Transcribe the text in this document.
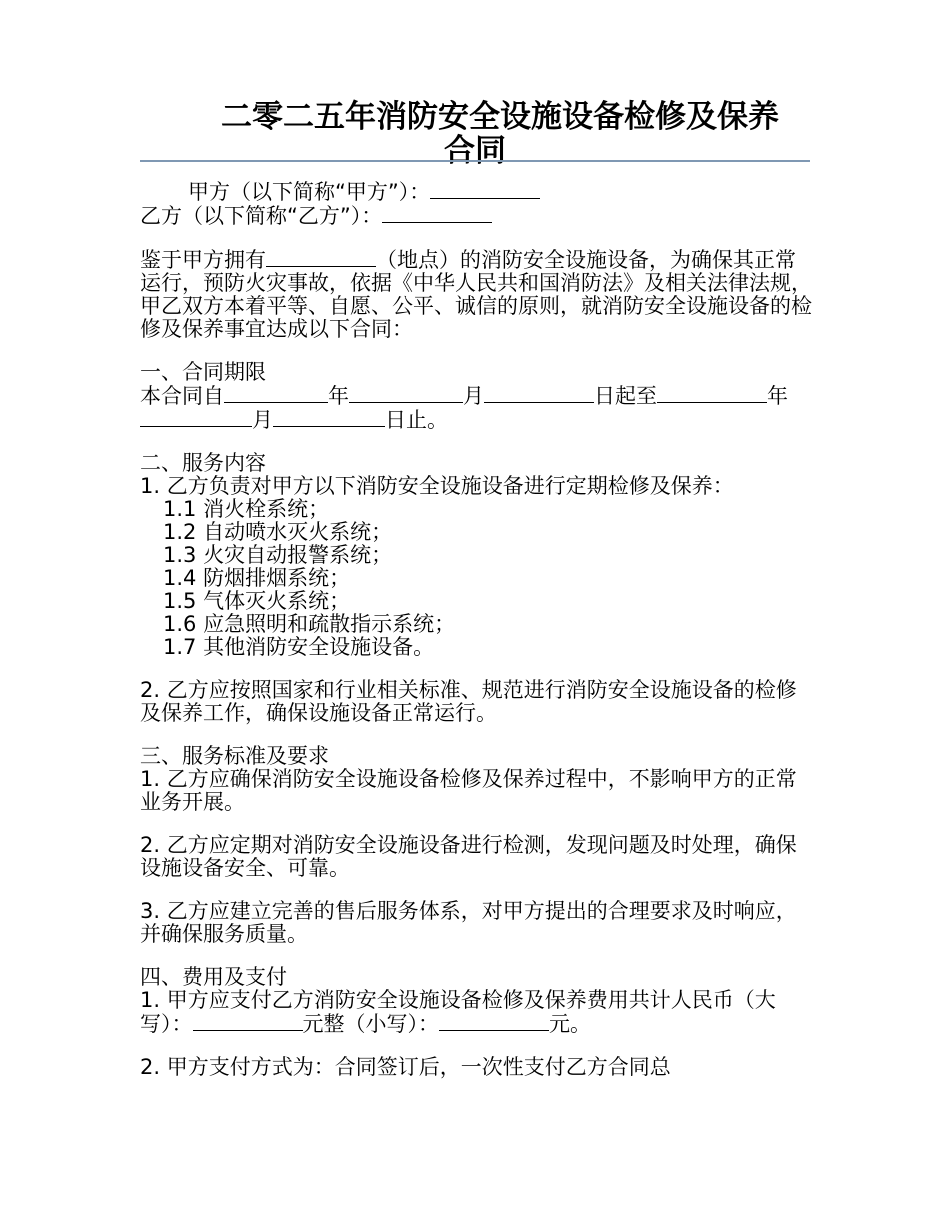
二零二五年消防安全设施设备检修及保养
合同

甲方（以下简称“甲方”）：

乙方（以下简称“乙方”）：

鉴于甲方拥有	（地点）的消防安全设施设备，为确保其正常运行，预防火灾事故，依据《中华人民共和国消防法》及相关法律法规，甲乙双方本着平等、自愿、公平、诚信的原则，就消防安全设施设备的检修及保养事宜达成以下合同：

一、合同期限

本合同自	年	月	日起至	年月	日止。

二、服务内容

1. 乙方负责对甲方以下消防安全设施设备进行定期检修及保养：

1.1 消火栓系统；

1.2 自动喷水灭火系统；

1.3 火灾自动报警系统；

1.4 防烟排烟系统；

1.5 气体灭火系统；

1.6 应急照明和疏散指示系统；

1.7 其他消防安全设施设备。

2. 乙方应按照国家和行业相关标准、规范进行消防安全设施设备的检修及保养工作，确保设施设备正常运行。

三、服务标准及要求

1. 乙方应确保消防安全设施设备检修及保养过程中，不影响甲方的正常业务开展。

2. 乙方应定期对消防安全设施设备进行检测，发现问题及时处理，确保设施设备安全、可靠。

3. 乙方应建立完善的售后服务体系，对甲方提出的合理要求及时响应，并确保服务质量。

四、费用及支付

1. 甲方应支付乙方消防安全设施设备检修及保养费用共计人民币（大写）：	元整（小写）：	元。

2. 甲方支付方式为：合同签订后，一次性支付乙方合同总
